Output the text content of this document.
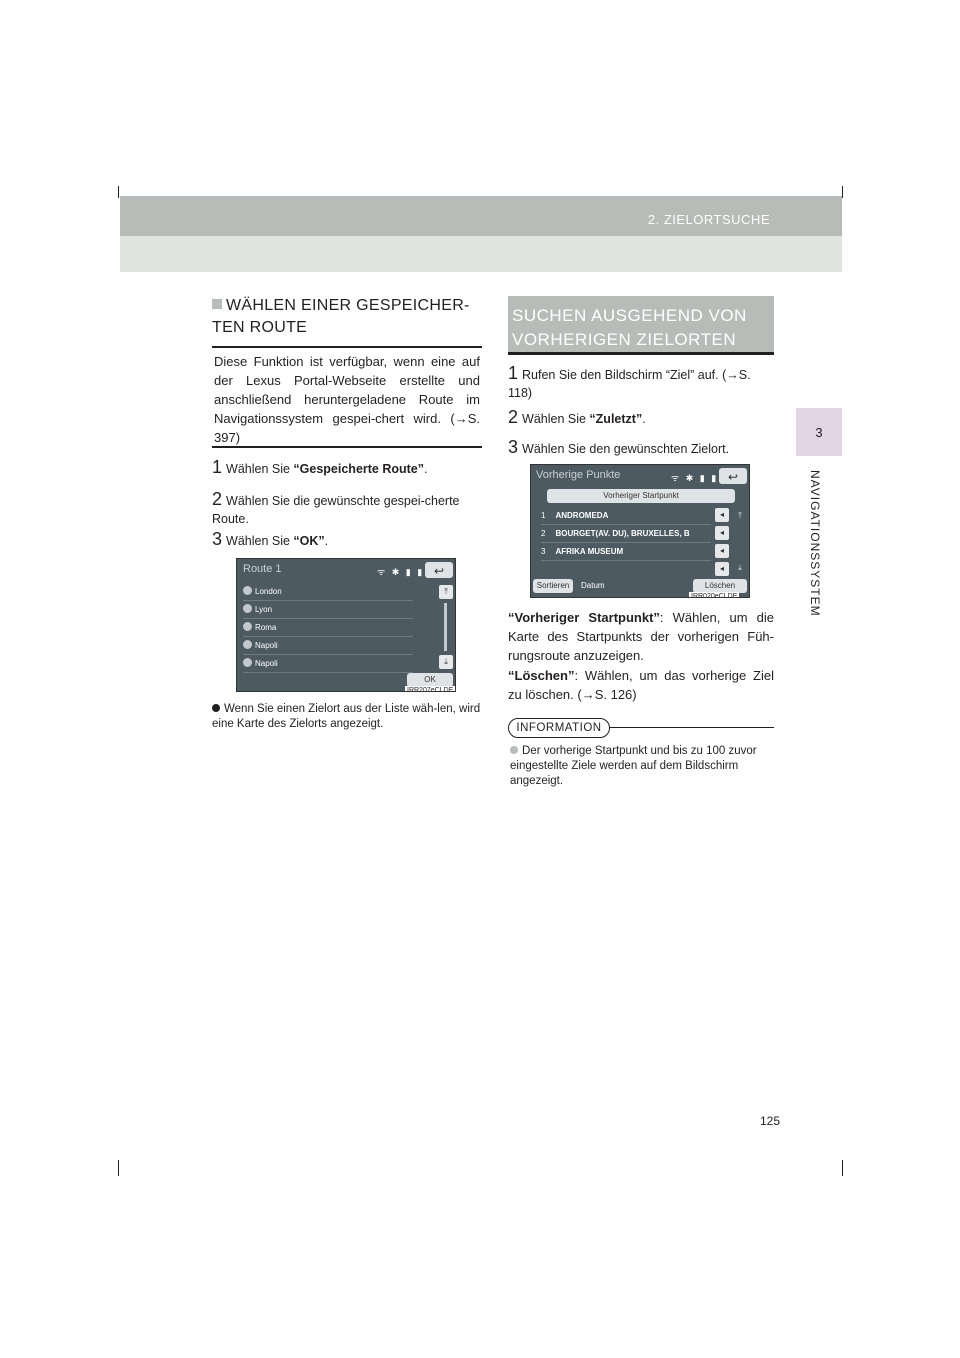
2. ZIELORTSUCHE
3
NAVIGATIONSSYSTEM
125
WÄHLEN EINER GESPEICHER-TEN ROUTE
Diese Funktion ist verfügbar, wenn eine auf der Lexus Portal-Webseite erstellte und anschließend heruntergeladene Route im Navigationssystem gespei-chert wird. (→S. 397)
1 Wählen Sie “Gespeicherte Route”.
2 Wählen Sie die gewünschte gespei-cherte Route.
3 Wählen Sie “OK”.
Route 1	ᯤ ✱ ▮ ▮ ↩
London
Lyon
Roma
Napoli
Napoli
⤒
⤓
OK
IRR207eCLDE
Wenn Sie einen Zielort aus der Liste wäh-len, wird eine Karte des Zielorts angezeigt.
SUCHEN AUSGEHEND VON VORHERIGEN ZIELORTEN
1 Rufen Sie den Bildschirm “Ziel” auf. (→S. 118)
2 Wählen Sie “Zuletzt”.
3 Wählen Sie den gewünschten Zielort.
Vorherige Punkte	ᯤ ✱ ▮ ▮ ↩
Vorheriger Startpunkt
1 ANDROMEDA
2 BOURGET(AV. DU), BRUXELLES, B
3 AFRIKA MUSEUM
◂
◂
◂
◂
⤒
⤓
Sortieren	Datum	Löschen
IRR020eCLDE
“Vorheriger Startpunkt”: Wählen, um die Karte des Startpunkts der vorherigen Füh-rungsroute anzuzeigen.
“Löschen”: Wählen, um das vorherige Ziel zu löschen. (→S. 126)
INFORMATION
Der vorherige Startpunkt und bis zu 100 zuvor eingestellte Ziele werden auf dem Bildschirm angezeigt.
